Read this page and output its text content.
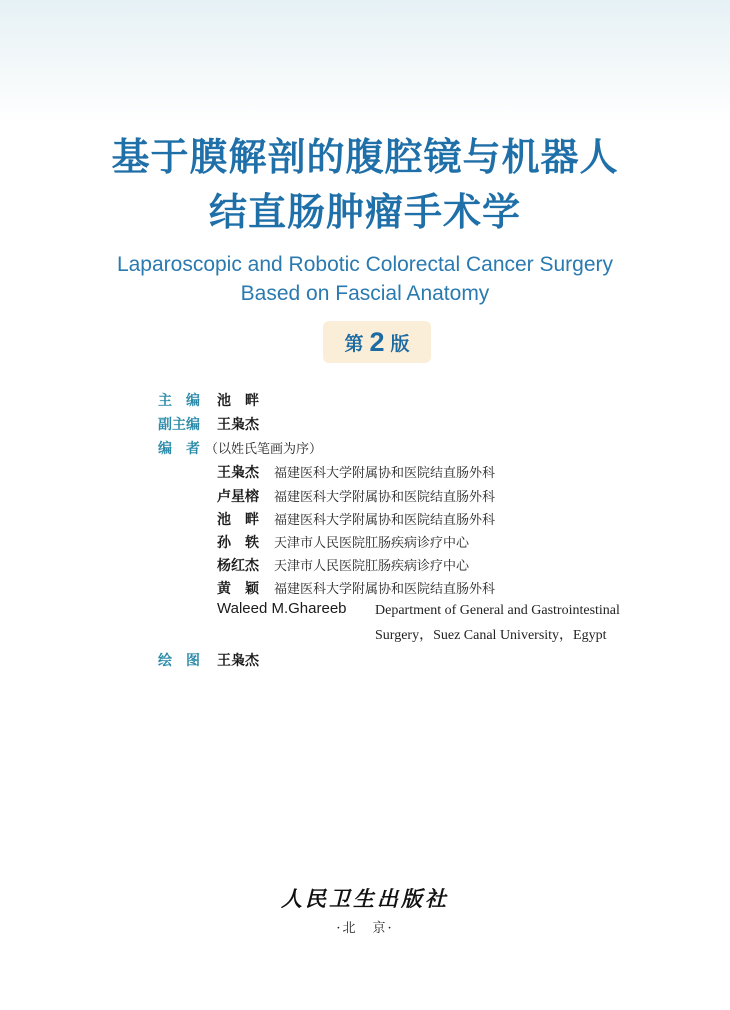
基于膜解剖的腹腔镜与机器人
结直肠肿瘤手术学
Laparoscopic and Robotic Colorectal Cancer Surgery
Based on Fascial Anatomy
第 2 版
主　编 池　畔
副主编 王枭杰
编　者 （以姓氏笔画为序）
王枭杰 福建医科大学附属协和医院结直肠外科
卢星榕 福建医科大学附属协和医院结直肠外科
池　畔 福建医科大学附属协和医院结直肠外科
孙　轶 天津市人民医院肛肠疾病诊疗中心
杨红杰 天津市人民医院肛肠疾病诊疗中心
黄　颖 福建医科大学附属协和医院结直肠外科
Waleed M.Ghareeb Department of General and Gastrointestinal
Surgery，Suez Canal University，Egypt
绘　图 王枭杰
人民卫生出版社
·北　京·
